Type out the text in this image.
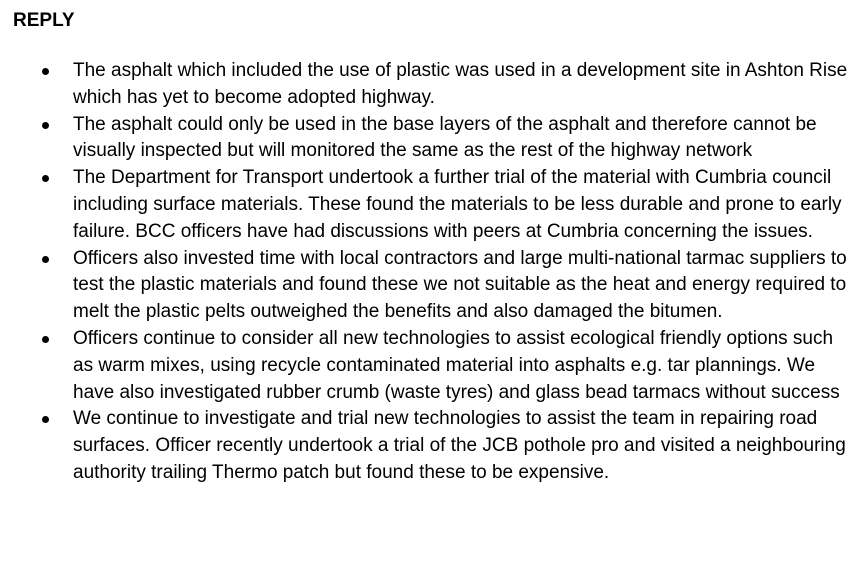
REPLY
The asphalt which included the use of plastic was used in a development site in Ashton Rise which has yet to become adopted highway.
The asphalt could only be used in the base layers of the asphalt and therefore cannot be visually inspected but will monitored the same as the rest of the highway network
The Department for Transport undertook a further trial of the material with Cumbria council including surface materials. These found the materials to be less durable and prone to early failure. BCC officers have had discussions with peers at Cumbria concerning the issues.
Officers also invested time with local contractors and large multi-national tarmac suppliers to test the plastic materials and found these we not suitable as the heat and energy required to melt the plastic pelts outweighed the benefits and also damaged the bitumen.
Officers continue to consider all new technologies to assist ecological friendly options such as warm mixes, using recycle contaminated material into asphalts e.g. tar plannings. We have also investigated rubber crumb (waste tyres) and glass bead tarmacs without success
We continue to investigate and trial new technologies to assist the team in repairing road surfaces. Officer recently undertook a trial of the JCB pothole pro and visited a neighbouring authority trailing Thermo patch but found these to be expensive.
